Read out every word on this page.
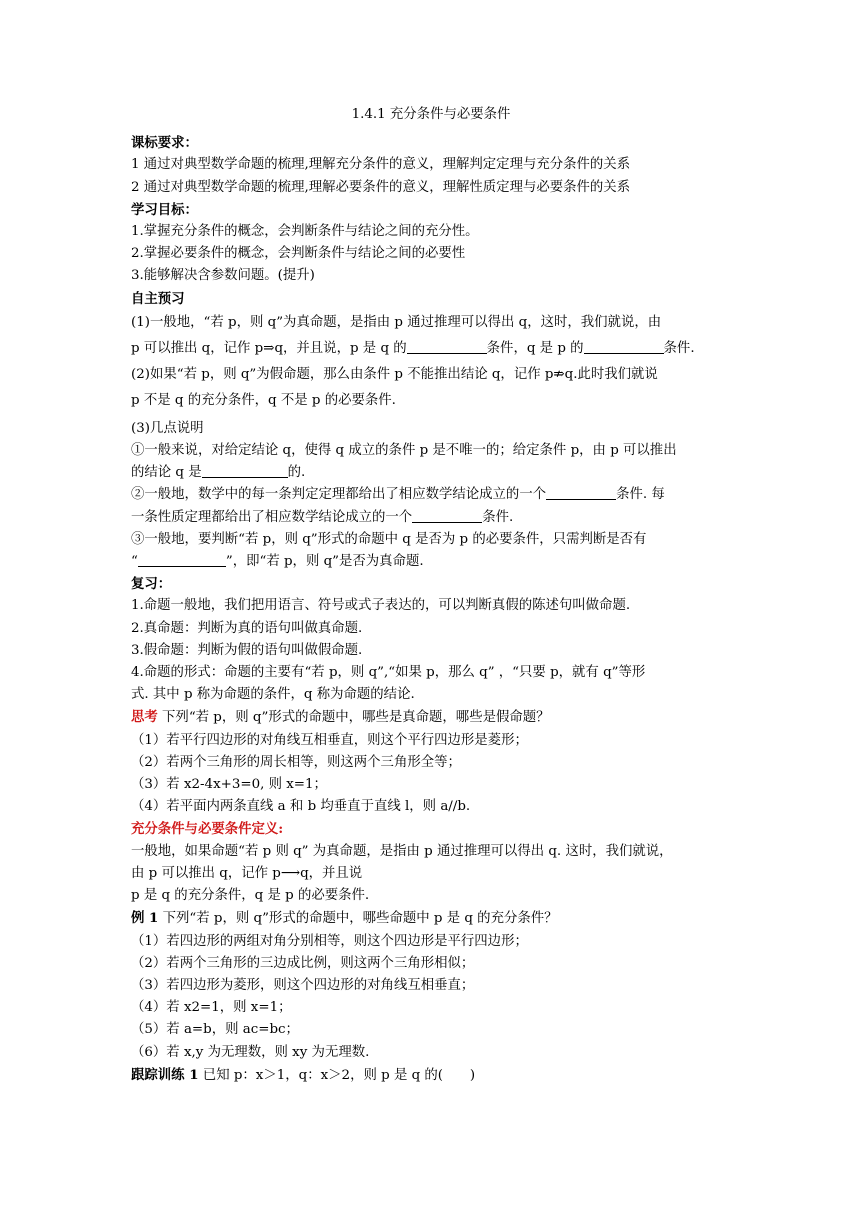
1.4.1 充分条件与必要条件
课标要求：
1 通过对典型数学命题的梳理,理解充分条件的意义，理解判定定理与充分条件的关系
2 通过对典型数学命题的梳理,理解必要条件的意义，理解性质定理与必要条件的关系
学习目标：
1.掌握充分条件的概念，会判断条件与结论之间的充分性。
2.掌握必要条件的概念，会判断条件与结论之间的必要性
3.能够解决含参数问题。(提升)
自主预习
(1)一般地，“若 p，则 q”为真命题，是指由 p 通过推理可以得出 q，这时，我们就说，由
p 可以推出 q，记作 p⇒q，并且说，p 是 q 的	条件，q 是 p 的	条件.
(2)如果“若 p，则 q”为假命题，那么由条件 p 不能推出结论 q，记作 p⇏q.此时我们就说
p 不是 q 的充分条件，q 不是 p 的必要条件.
(3)几点说明
①一般来说，对给定结论 q，使得 q 成立的条件 p 是不唯一的；给定条件 p，由 p 可以推出
的结论 q 是	的.
②一般地，数学中的每一条判定定理都给出了相应数学结论成立的一个	条件. 每
一条性质定理都给出了相应数学结论成立的一个	条件.
③一般地，要判断“若 p，则 q”形式的命题中 q 是否为 p 的必要条件，只需判断是否有
“	”，即“若 p，则 q”是否为真命题.
复习：
1.命题一般地，我们把用语言、符号或式子表达的，可以判断真假的陈述句叫做命题.
2.真命题：判断为真的语句叫做真命题.
3.假命题：判断为假的语句叫做假命题.
4.命题的形式：命题的主要有“若 p，则 q”,“如果 p，那么 q” ，“只要 p，就有 q”等形
式. 其中 p 称为命题的条件，q 称为命题的结论.
思考 下列“若 p，则 q”形式的命题中，哪些是真命题，哪些是假命题？
（1）若平行四边形的对角线互相垂直，则这个平行四边形是菱形；
（2）若两个三角形的周长相等，则这两个三角形全等；
（3）若 x2-4x+3=0, 则 x=1；
（4）若平面内两条直线 a 和 b 均垂直于直线 l，则 a//b.
充分条件与必要条件定义:
一般地，如果命题“若 p 则 q” 为真命题，是指由 p 通过推理可以得出 q. 这时，我们就说，
由 p 可以推出 q，记作 p⟶q，并且说
p 是 q 的充分条件，q 是 p 的必要条件.
例 1 下列“若 p，则 q”形式的命题中，哪些命题中 p 是 q 的充分条件？
（1）若四边形的两组对角分别相等，则这个四边形是平行四边形；
（2）若两个三角形的三边成比例，则这两个三角形相似；
（3）若四边形为菱形，则这个四边形的对角线互相垂直；
（4）若 x2=1，则 x=1；
（5）若 a=b，则 ac=bc；
（6）若 x,y 为无理数，则 xy 为无理数.
跟踪训练 1 已知 p：x＞1，q：x＞2，则 p 是 q 的(　　)
